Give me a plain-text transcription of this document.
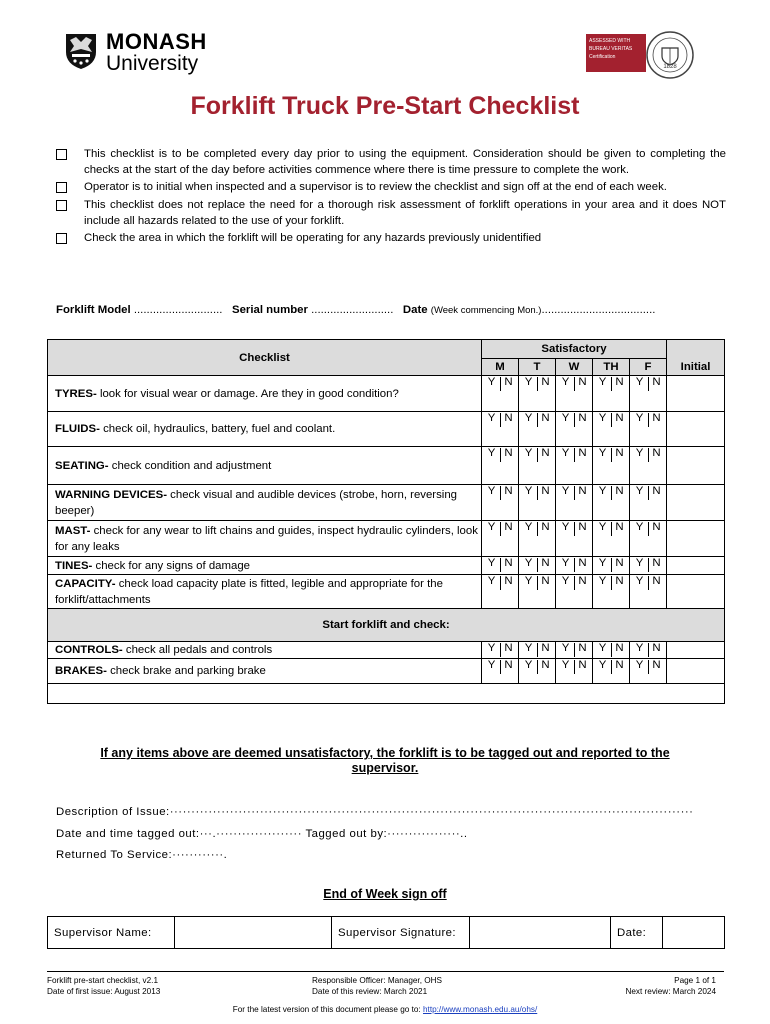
MONASH
University
ASSESSED WITH
BUREAU VERITAS
Certification
1828
Forklift Truck Pre-Start Checklist
This checklist is to be completed every day prior to using the equipment. Consideration should be given to completing the checks at the start of the day before activities commence where there is time pressure to complete the work.
Operator is to initial when inspected and a supervisor is to review the checklist and sign off at the end of each week.
This checklist does not replace the need for a thorough risk assessment of forklift operations in your area and it does NOT include all hazards related to the use of your forklift.
Check the area in which the forklift will be operating for any hazards previously unidentified
Forklift Model ............................ Serial number .......................... Date (Week commencing Mon.)....................................
Checklist	Satisfactory					Initial
	M	T	W	TH	F	
TYRES- look for visual wear or damage. Are they in good condition?	Y N	Y N	Y N	Y N	Y N	

FLUIDS- check oil, hydraulics, battery, fuel and coolant.	Y N	Y N	Y N	Y N	Y N	

SEATING- check condition and adjustment	Y N	Y N	Y N	Y N	Y N	

WARNING DEVICES- check visual and audible devices (strobe, horn, reversing beeper)	Y N	Y N	Y N	Y N	Y N	

MAST- check for any wear to lift chains and guides, inspect hydraulic cylinders, look for any leaks	Y N	Y N	Y N	Y N	Y N	

TINES- check for any signs of damage	Y N	Y N	Y N	Y N	Y N	

CAPACITY- check load capacity plate is fitted, legible and appropriate for the forklift/attachments	Y N	Y N	Y N	Y N	Y N	

Start forklift and check:						
CONTROLS- check all pedals and controls	Y N	Y N	Y N	Y N	Y N	

BRAKES- check brake and parking brake	Y N	Y N	Y N	Y N	Y N	

If any items above are deemed unsatisfactory, the forklift is to be tagged out and reported to the supervisor.
Description of Issue:··························································································································
Date and time tagged out:···.···················· Tagged out by:·················..
Returned To Service:············.
End of Week sign off
Supervisor Name:		Supervisor Signature:		Date:	
Forklift pre-start checklist, v2.1
Date of first issue: August 2013
Responsible Officer: Manager, OHS
Date of this review: March 2021
Page 1 of 1
Next review: March 2024
For the latest version of this document please go to: http://www.monash.edu.au/ohs/
